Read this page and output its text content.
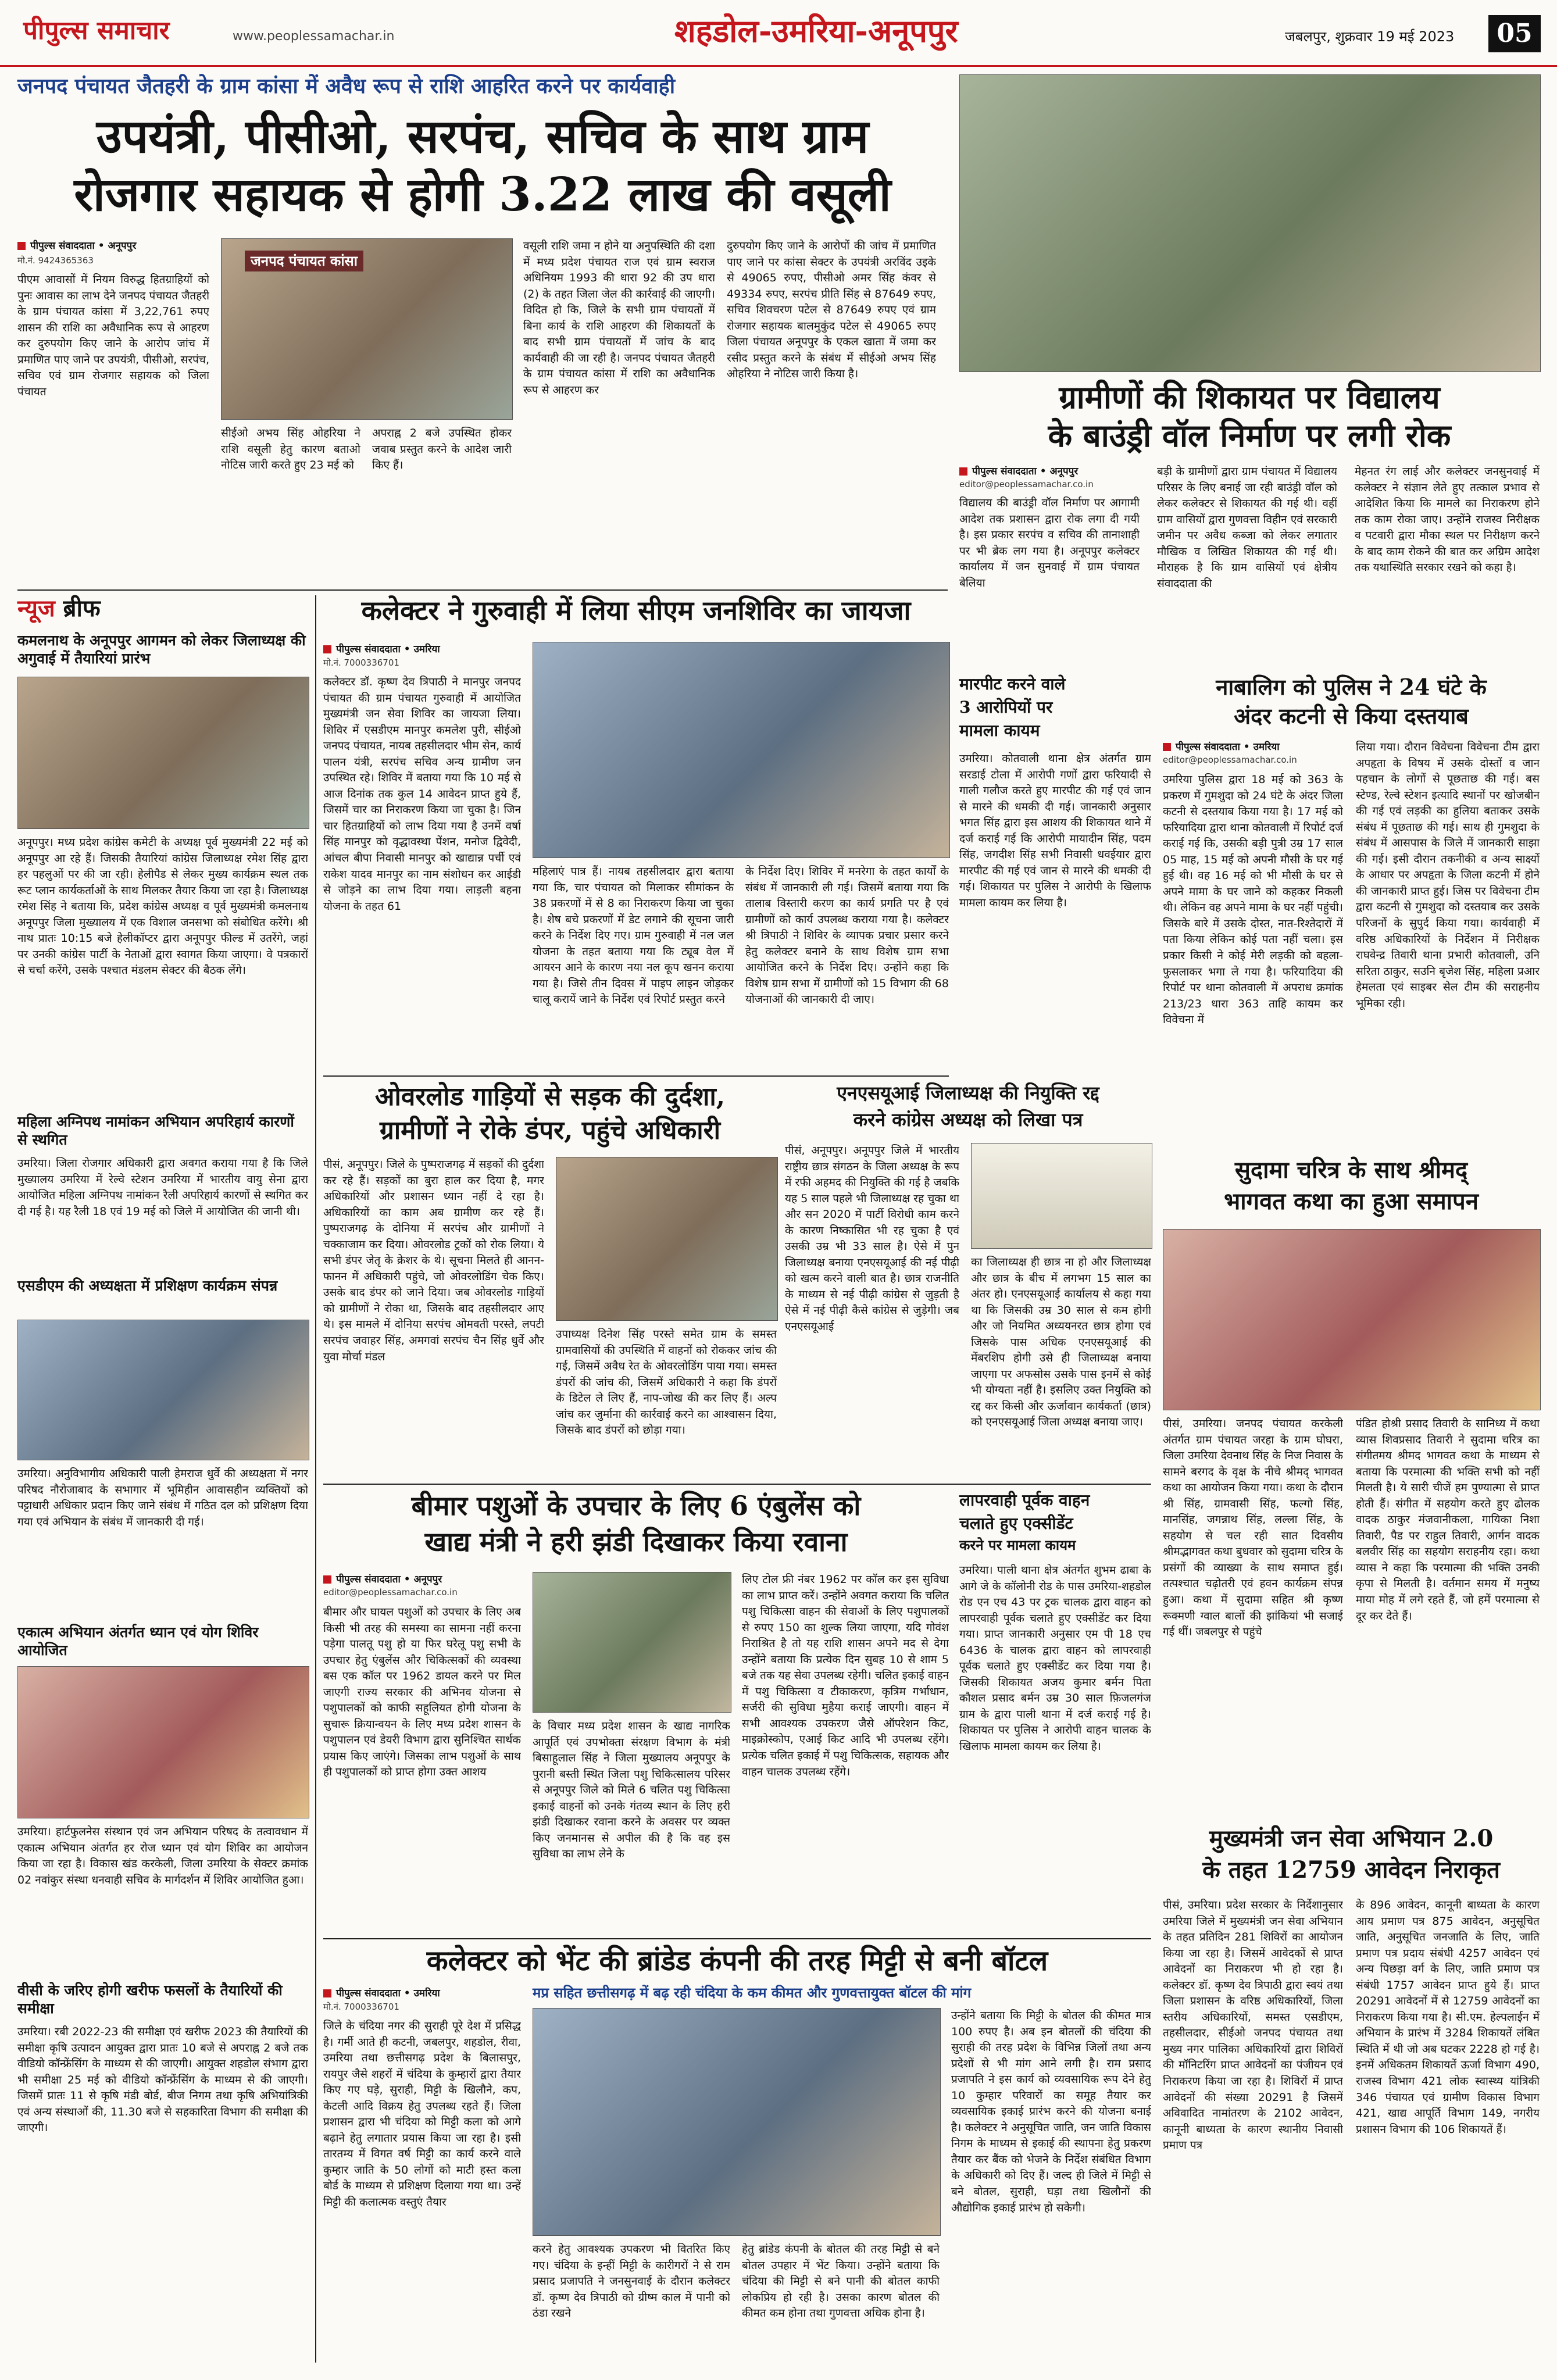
पीपुल्स समाचार	www.peoplessamachar.in	शहडोल-उमरिया-अनूपपुर	जबलपुर, शुक्रवार 19 मई 2023	05
जनपद पंचायत जैतहरी के ग्राम कांसा में अवैध रूप से राशि आहरित करने पर कार्यवाही
उपयंत्री, पीसीओ, सरपंच, सचिव के साथ ग्राम
रोजगार सहायक से होगी 3.22 लाख की वसूली
पीपुल्स संवाददाता • अनूपपुर
मो.नं. 9424365363
पीएम आवासों में नियम विरुद्ध हितग्राहियों को पुनः आवास का लाभ देने जनपद पंचायत जैतहरी के ग्राम पंचायत कांसा में 3,22,761 रुपए शासन की राशि का अवैधानिक रूप से आहरण कर दुरुपयोग किए जाने के आरोप जांच में प्रमाणित पाए जाने पर उपयंत्री, पीसीओ, सरपंच, सचिव एवं ग्राम रोजगार सहायक को जिला पंचायत
जनपद पंचायत कांसा
सीईओ अभय सिंह ओहरिया ने राशि वसूली हेतु कारण बताओ नोटिस जारी करते हुए 23 मई को
अपराह्न 2 बजे उपस्थित होकर जवाब प्रस्तुत करने के आदेश जारी किए हैं।
वसूली राशि जमा न होने या अनुपस्थिति की दशा में मध्य प्रदेश पंचायत राज एवं ग्राम स्वराज अधिनियम 1993 की धारा 92 की उप धारा (2) के तहत जिला जेल की कार्रवाई की जाएगी। विदित हो कि, जिले के सभी ग्राम पंचायतों में बिना कार्य के राशि आहरण की शिकायतों के बाद सभी ग्राम पंचायतों में जांच के बाद कार्यवाही की जा रही है। जनपद पंचायत जैतहरी के ग्राम पंचायत कांसा में राशि का अवैधानिक रूप से आहरण कर
दुरुपयोग किए जाने के आरोपों की जांच में प्रमाणित पाए जाने पर कांसा सेक्टर के उपयंत्री अरविंद उइके से 49065 रुपए, पीसीओ अमर सिंह कंवर से 49334 रुपए, सरपंच प्रीति सिंह से 87649 रुपए, सचिव शिवचरण पटेल से 87649 रुपए एवं ग्राम रोजगार सहायक बालमुकुंद पटेल से 49065 रुपए जिला पंचायत अनूपपुर के एकल खाता में जमा कर रसीद प्रस्तुत करने के संबंध में सीईओ अभय सिंह ओहरिया ने नोटिस जारी किया है।
ग्रामीणों की शिकायत पर विद्यालय
के बाउंड्री वॉल निर्माण पर लगी रोक
पीपुल्स संवाददाता • अनूपपुर
editor@peoplessamachar.co.in
विद्यालय की बाउंड्री वॉल निर्माण पर आगामी आदेश तक प्रशासन द्वारा रोक लगा दी गयी है। इस प्रकार सरपंच व सचिव की तानाशाही पर भी ब्रेक लग गया है। अनूपपुर कलेक्टर कार्यालय में जन सुनवाई में ग्राम पंचायत बेलिया
बड़ी के ग्रामीणों द्वारा ग्राम पंचायत में विद्यालय परिसर के लिए बनाई जा रही बाउंड्री वॉल को लेकर कलेक्टर से शिकायत की गई थी। वहीं ग्राम वासियों द्वारा गुणवत्ता विहीन एवं सरकारी जमीन पर अवैध कब्जा को लेकर लगातार मौखिक व लिखित शिकायत की गई थी। मौराहक है कि ग्राम वासियों एवं क्षेत्रीय संवाददाता की
मेहनत रंग लाई और कलेक्टर जनसुनवाई में कलेक्टर ने संज्ञान लेते हुए तत्काल प्रभाव से आदेशित किया कि मामले का निराकरण होने तक काम रोका जाए। उन्होंने राजस्व निरीक्षक व पटवारी द्वारा मौका स्थल पर निरीक्षण करने के बाद काम रोकने की बात कर अग्रिम आदेश तक यथास्थिति सरकार रखने को कहा है।
न्यूज ब्रीफ
कमलनाथ के अनूपपुर आगमन को लेकर जिलाध्यक्ष की अगुवाई में तैयारियां प्रारंभ
अनूपपुर। मध्य प्रदेश कांग्रेस कमेटी के अध्यक्ष पूर्व मुख्यमंत्री 22 मई को अनूपपुर आ रहे हैं। जिसकी तैयारियां कांग्रेस जिलाध्यक्ष रमेश सिंह द्वारा हर पहलुओं पर की जा रही। हेलीपैड से लेकर मुख्य कार्यक्रम स्थल तक रूट प्लान कार्यकर्ताओं के साथ मिलकर तैयार किया जा रहा है। जिलाध्यक्ष रमेश सिंह ने बताया कि, प्रदेश कांग्रेस अध्यक्ष व पूर्व मुख्यमंत्री कमलनाथ अनूपपुर जिला मुख्यालय में एक विशाल जनसभा को संबोधित करेंगे। श्री नाथ प्रातः 10:15 बजे हेलीकॉप्टर द्वारा अनूपपुर फील्ड में उतरेंगे, जहां पर उनकी कांग्रेस पार्टी के नेताओं द्वारा स्वागत किया जाएगा। वे पत्रकारों से चर्चा करेंगे, उसके पश्चात मंडलम सेक्टर की बैठक लेंगे।
महिला अग्निपथ नामांकन अभियान अपरिहार्य कारणों से स्थगित
उमरिया। जिला रोजगार अधिकारी द्वारा अवगत कराया गया है कि जिले मुख्यालय उमरिया में रेल्वे स्टेशन उमरिया में भारतीय वायु सेना द्वारा आयोजित महिला अग्निपथ नामांकन रैली अपरिहार्य कारणों से स्थगित कर दी गई है। यह रैली 18 एवं 19 मई को जिले में आयोजित की जानी थी।
एसडीएम की अध्यक्षता में प्रशिक्षण कार्यक्रम संपन्न
उमरिया। अनुविभागीय अधिकारी पाली हेमराज धुर्वे की अध्यक्षता में नगर परिषद नौरोजाबाद के सभागार में भूमिहीन आवासहीन व्यक्तियों को पट्टाधारी अधिकार प्रदान किए जाने संबंध में गठित दल को प्रशिक्षण दिया गया एवं अभियान के संबंध में जानकारी दी गई।
एकात्म अभियान अंतर्गत ध्यान एवं योग शिविर आयोजित
उमरिया। हार्टफुलनेस संस्थान एवं जन अभियान परिषद के तत्वावधान में एकात्म अभियान अंतर्गत हर रोज ध्यान एवं योग शिविर का आयोजन किया जा रहा है। विकास खंड करकेली, जिला उमरिया के सेक्टर क्रमांक 02 नवांकुर संस्था धनवाही सचिव के मार्गदर्शन में शिविर आयोजित हुआ।
वीसी के जरिए होगी खरीफ फसलों के तैयारियों की समीक्षा
उमरिया। रबी 2022-23 की समीक्षा एवं खरीफ 2023 की तैयारियों की समीक्षा कृषि उत्पादन आयुक्त द्वारा प्रातः 10 बजे से अपराह्न 2 बजे तक वीडियो कॉन्फ्रेंसिंग के माध्यम से की जाएगी। आयुक्त शहडोल संभाग द्वारा भी समीक्षा 25 मई को वीडियो कॉन्फ्रेंसिंग के माध्यम से की जाएगी। जिसमें प्रातः 11 से कृषि मंडी बोर्ड, बीज निगम तथा कृषि अभियांत्रिकी एवं अन्य संस्थाओं की, 11.30 बजे से सहकारिता विभाग की समीक्षा की जाएगी।
कलेक्टर ने गुरुवाही में लिया सीएम जनशिविर का जायजा
पीपुल्स संवाददाता • उमरिया
मो.नं. 7000336701
कलेक्टर डॉ. कृष्ण देव त्रिपाठी ने मानपुर जनपद पंचायत की ग्राम पंचायत गुरुवाही में आयोजित मुख्यमंत्री जन सेवा शिविर का जायजा लिया। शिविर में एसडीएम मानपुर कमलेश पुरी, सीईओ जनपद पंचायत, नायब तहसीलदार भीम सेन, कार्य पालन यंत्री, सरपंच सचिव अन्य ग्रामीण जन उपस्थित रहे। शिविर में बताया गया कि 10 मई से आज दिनांक तक कुल 14 आवेदन प्राप्त हुये हैं, जिसमें चार का निराकरण किया जा चुका है। जिन चार हितग्राहियों को लाभ दिया गया है उनमें वर्षा सिंह मानपुर को वृद्धावस्था पेंशन, मनोज द्विवेदी, आंचल बीपा निवासी मानपुर को खाद्यान्न पर्ची एवं राकेश यादव मानपुर का नाम संशोधन कर आईडी से जोड़ने का लाभ दिया गया। लाड़ली बहना योजना के तहत 61
महिलाएं पात्र हैं। नायब तहसीलदार द्वारा बताया गया कि, चार पंचायत को मिलाकर सीमांकन के 38 प्रकरणों में से 8 का निराकरण किया जा चुका है। शेष बचे प्रकरणों में डेट लगाने की सूचना जारी करने के निर्देश दिए गए। ग्राम गुरुवाही में नल जल योजना के तहत बताया गया कि ट्यूब वेल में आयरन आने के कारण नया नल कूप खनन कराया गया है। जिसे तीन दिवस में पाइप लाइन जोड़कर चालू करायें जाने के निर्देश एवं रिपोर्ट प्रस्तुत करने
के निर्देश दिए। शिविर में मनरेगा के तहत कार्यों के संबंध में जानकारी ली गई। जिसमें बताया गया कि तालाब विस्तारी करण का कार्य प्रगति पर है एवं ग्रामीणों को कार्य उपलब्ध कराया गया है। कलेक्टर श्री त्रिपाठी ने शिविर के व्यापक प्रचार प्रसार करने हेतु कलेक्टर बनाने के साथ विशेष ग्राम सभा आयोजित करने के निर्देश दिए। उन्होंने कहा कि विशेष ग्राम सभा में ग्रामीणों को 15 विभाग की 68 योजनाओं की जानकारी दी जाए।
मारपीट करने वाले
3 आरोपियों पर
मामला कायम
उमरिया। कोतवाली थाना क्षेत्र अंतर्गत ग्राम सरडाई टोला में आरोपी गणों द्वारा फरियादी से गाली गलौज करते हुए मारपीट की गई एवं जान से मारने की धमकी दी गई। जानकारी अनुसार भगत सिंह द्वारा इस आशय की शिकायत थाने में दर्ज कराई गई कि आरोपी मायादीन सिंह, पदम सिंह, जगदीश सिंह सभी निवासी धवईयार द्वारा मारपीट की गई एवं जान से मारने की धमकी दी गई। शिकायत पर पुलिस ने आरोपी के खिलाफ मामला कायम कर लिया है।
नाबालिग को पुलिस ने 24 घंटे के
अंदर कटनी से किया दस्तयाब
पीपुल्स संवाददाता • उमरिया
editor@peoplessamachar.co.in
उमरिया पुलिस द्वारा 18 मई को 363 के प्रकरण में गुमशुदा को 24 घंटे के अंदर जिला कटनी से दस्तयाब किया गया है। 17 मई को फरियादिया द्वारा थाना कोतवाली में रिपोर्ट दर्ज कराई गई कि, उसकी बड़ी पुत्री उम्र 17 साल 05 माह, 15 मई को अपनी मौसी के घर गई हुई थी। वह 16 मई को भी मौसी के घर से अपने मामा के घर जाने को कहकर निकली थी। लेकिन वह अपने मामा के घर नहीं पहुंची। जिसके बारे में उसके दोस्त, नात-रिश्तेदारों में पता किया लेकिन कोई पता नहीं चला। इस प्रकार किसी ने कोई मेरी लड़की को बहला-फुसलाकर भगा ले गया है। फरियादिया की रिपोर्ट पर थाना कोतवाली में अपराध क्रमांक 213/23 धारा 363 ताहि कायम कर विवेचना में
लिया गया। दौरान विवेचना विवेचना टीम द्वारा अपहृता के विषय में उसके दोस्तों व जान पहचान के लोगों से पूछताछ की गई। बस स्टेण्ड, रेल्वे स्टेशन इत्यादि स्थानों पर खोजबीन की गई एवं लड़की का हुलिया बताकर उसके संबंध में पूछताछ की गई। साथ ही गुमशुदा के संबंध में आसपास के जिले में जानकारी साझा की गई। इसी दौरान तकनीकी व अन्य साक्ष्यों के आधार पर अपहृता के जिला कटनी में होने की जानकारी प्राप्त हुई। जिस पर विवेचना टीम द्वारा कटनी से गुमशुदा को दस्तयाब कर उसके परिजनों के सुपुर्द किया गया। कार्यवाही में वरिष्ठ अधिकारियों के निर्देशन में निरीक्षक राघवेन्द्र तिवारी थाना प्रभारी कोतवाली, उनि सरिता ठाकुर, सउनि बृजेश सिंह, महिला प्रआर हेमलता एवं साइबर सेल टीम की सराहनीय भूमिका रही।
ओवरलोड गाड़ियों से सड़क की दुर्दशा,
ग्रामीणों ने रोके डंपर, पहुंचे अधिकारी
पीसं, अनूपपुर। जिले के पुष्पराजगढ़ में सड़कों की दुर्दशा कर रहे हैं। सड़कों का बुरा हाल कर दिया है, मगर अधिकारियों और प्रशासन ध्यान नहीं दे रहा है। अधिकारियों का काम अब ग्रामीण कर रहे हैं। पुष्पराजगढ़ के दोनिया में सरपंच और ग्रामीणों ने चक्काजाम कर दिया। ओवरलोड ट्रकों को रोक लिया। ये सभी डंपर जेतृ के क्रेशर के थे। सूचना मिलते ही आनन-फानन में अधिकारी पहुंचे, जो ओवरलोडिंग चेक किए। उसके बाद डंपर को जाने दिया। जब ओवरलोड गाड़ियों को ग्रामीणों ने रोका था, जिसके बाद तहसीलदार आए थे। इस मामले में दोनिया सरपंच ओमवती परस्ते, लपटी सरपंच जवाहर सिंह, अमगवां सरपंच चैन सिंह धुर्वे और युवा मोर्चा मंडल
उपाध्यक्ष दिनेश सिंह परस्ते समेत ग्राम के समस्त ग्रामवासियों की उपस्थिति में वाहनों को रोककर जांच की गई, जिसमें अवैध रेत के ओवरलोडिंग पाया गया। समस्त डंपरों की जांच की, जिसमें अधिकारी ने कहा कि डंपरों के डिटेल ले लिए हैं, नाप-जोख की कर लिए हैं। अल्प जांच कर जुर्माना की कार्रवाई करने का आश्वासन दिया, जिसके बाद डंपरों को छोड़ा गया।
एनएसयूआई जिलाध्यक्ष की नियुक्ति रद्द
करने कांग्रेस अध्यक्ष को लिखा पत्र
पीसं, अनूपपुर। अनूपपुर जिले में भारतीय राष्ट्रीय छात्र संगठन के जिला अध्यक्ष के रूप में रफी अहमद की नियुक्ति की गई है जबकि यह 5 साल पहले भी जिलाध्यक्ष रह चुका था और सन 2020 में पार्टी विरोधी काम करने के कारण निष्कासित भी रह चुका है एवं उसकी उम्र भी 33 साल है। ऐसे में पुन जिलाध्यक्ष बनाया एनएसयूआई की नई पीढ़ी को खत्म करने वाली बात है। छात्र राजनीति के माध्यम से नई पीढ़ी कांग्रेस से जुड़ती है ऐसे में नई पीढ़ी कैसे कांग्रेस से जुड़ेगी। जब एनएसयूआई
का जिलाध्यक्ष ही छात्र ना हो और जिलाध्यक्ष और छात्र के बीच में लगभग 15 साल का अंतर हो। एनएसयूआई कार्यालय से कहा गया था कि जिसकी उम्र 30 साल से कम होगी और जो नियमित अध्ययनरत छात्र होगा एवं जिसके पास अधिक एनएसयूआई की मेंबरशिप होगी उसे ही जिलाध्यक्ष बनाया जाएगा पर अफसोस उसके पास इनमें से कोई भी योग्यता नहीं है। इसलिए उक्त नियुक्ति को रद्द कर किसी और ऊर्जावान कार्यकर्ता (छात्र) को एनएसयूआई जिला अध्यक्ष बनाया जाए।
सुदामा चरित्र के साथ श्रीमद्
भागवत कथा का हुआ समापन
पीसं, उमरिया। जनपद पंचायत करकेली अंतर्गत ग्राम पंचायत जरहा के ग्राम घोघरा, जिला उमरिया देवनाथ सिंह के निज निवास के सामने बरगद के वृक्ष के नीचे श्रीमद् भागवत कथा का आयोजन किया गया। कथा के दौरान श्री सिंह, ग्रामवासी सिंह, फल्गो सिंह, मानसिंह, जगन्नाथ सिंह, लल्ला सिंह, के सहयोग से चल रही सात दिवसीय श्रीमद्भागवत कथा बुधवार को सुदामा चरित्र के प्रसंगों की व्याख्या के साथ समाप्त हुई। तत्पश्चात चढ़ोतरी एवं हवन कार्यक्रम संपन्न हुआ। कथा में सुदामा सहित श्री कृष्ण रूक्मणी ग्वाल बालों की झांकियां भी सजाई गई थीं। जबलपुर से पहुंचे
पंडित होश्री प्रसाद तिवारी के सानिध्य में कथा व्यास शिवप्रसाद तिवारी ने सुदामा चरित्र का संगीतमय श्रीमद भागवत कथा के माध्यम से बताया कि परमात्मा की भक्ति सभी को नहीं मिलती है। ये सारी चीजें हम पुण्यात्मा से प्राप्त होती हैं। संगीत में सहयोग करते हुए ढोलक वादक ठाकुर मंजवानीकला, गायिका निशा तिवारी, पैड पर राहुल तिवारी, आर्गन वादक बलवीर सिंह का सहयोग सराहनीय रहा। कथा व्यास ने कहा कि परमात्मा की भक्ति उनकी कृपा से मिलती है। वर्तमान समय में मनुष्य माया मोह में लगे रहते हैं, जो हमें परमात्मा से दूर कर देते हैं।
बीमार पशुओं के उपचार के लिए 6 एंबुलेंस को
खाद्य मंत्री ने हरी झंडी दिखाकर किया रवाना
पीपुल्स संवाददाता • अनूपपुर
editor@peoplessamachar.co.in
बीमार और घायल पशुओं को उपचार के लिए अब किसी भी तरह की समस्या का सामना नहीं करना पड़ेगा पालतू पशु हो या फिर घरेलू पशु सभी के उपचार हेतु एंबुलेंस और चिकित्सकों की व्यवस्था बस एक कॉल पर 1962 डायल करने पर मिल जाएगी राज्य सरकार की अभिनव योजना से पशुपालकों को काफी सहूलियत होगी योजना के सुचारू क्रियान्वयन के लिए मध्य प्रदेश शासन के पशुपालन एवं डेयरी विभाग द्वारा सुनिश्चित सार्थक प्रयास किए जाएंगे। जिसका लाभ पशुओं के साथ ही पशुपालकों को प्राप्त होगा उक्त आशय
के विचार मध्य प्रदेश शासन के खाद्य नागरिक आपूर्ति एवं उपभोक्ता संरक्षण विभाग के मंत्री बिसाहूलाल सिंह ने जिला मुख्यालय अनूपपुर के पुरानी बस्ती स्थित जिला पशु चिकित्सालय परिसर से अनूपपुर जिले को मिले 6 चलित पशु चिकित्सा इकाई वाहनों को उनके गंतव्य स्थान के लिए हरी झंडी दिखाकर रवाना करने के अवसर पर व्यक्त किए जनमानस से अपील की है कि वह इस सुविधा का लाभ लेने के
लिए टोल फ्री नंबर 1962 पर कॉल कर इस सुविधा का लाभ प्राप्त करें। उन्होंने अवगत कराया कि चलित पशु चिकित्सा वाहन की सेवाओं के लिए पशुपालकों से रुपए 150 का शुल्क लिया जाएगा, यदि गोवंश निराश्रित है तो यह राशि शासन अपने मद से देगा उन्होंने बताया कि प्रत्येक दिन सुबह 10 से शाम 5 बजे तक यह सेवा उपलब्ध रहेगी। चलित इकाई वाहन में पशु चिकित्सा व टीकाकरण, कृत्रिम गर्भाधान, सर्जरी की सुविधा मुहैया कराई जाएगी। वाहन में सभी आवश्यक उपकरण जैसे ऑपरेशन किट, माइक्रोस्कोप, एआई किट आदि भी उपलब्ध रहेंगे। प्रत्येक चलित इकाई में पशु चिकित्सक, सहायक और वाहन चालक उपलब्ध रहेंगे।
लापरवाही पूर्वक वाहन
चलाते हुए एक्सीडेंट
करने पर मामला कायम
उमरिया। पाली थाना क्षेत्र अंतर्गत शुभम ढाबा के आगे जे के कॉलोनी रोड के पास उमरिया-शहडोल रोड एन एच 43 पर ट्रक चालक द्वारा वाहन को लापरवाही पूर्वक चलाते हुए एक्सीडेंट कर दिया गया। प्राप्त जानकारी अनुसार एम पी 18 एच 6436 के चालक द्वारा वाहन को लापरवाही पूर्वक चलाते हुए एक्सीडेंट कर दिया गया है। जिसकी शिकायत अजय कुमार बर्मन पिता कौशल प्रसाद बर्मन उम्र 30 साल फ़िजलगंज ग्राम के द्वारा पाली थाना में दर्ज कराई गई है। शिकायत पर पुलिस ने आरोपी वाहन चालक के खिलाफ मामला कायम कर लिया है।
मुख्यमंत्री जन सेवा अभियान 2.0
के तहत 12759 आवेदन निराकृत
पीसं, उमरिया। प्रदेश सरकार के निर्देशानुसार उमरिया जिले में मुख्यमंत्री जन सेवा अभियान के तहत प्रतिदिन 281 शिविरों का आयोजन किया जा रहा है। जिसमें आवेदकों से प्राप्त आवेदनों का निराकरण भी हो रहा है। कलेक्टर डॉ. कृष्ण देव त्रिपाठी द्वारा स्वयं तथा जिला प्रशासन के वरिष्ठ अधिकारियों, जिला स्तरीय अधिकारियों, समस्त एसडीएम, तहसीलदार, सीईओ जनपद पंचायत तथा मुख्य नगर पालिका अधिकारियों द्वारा शिविरों की मॉनिटरिंग प्राप्त आवेदनों का पंजीयन एवं निराकरण किया जा रहा है। शिविरों में प्राप्त आवेदनों की संख्या 20291 है जिसमें अविवादित नामांतरण के 2102 आवेदन, कानूनी बाध्यता के कारण स्थानीय निवासी प्रमाण पत्र
के 896 आवेदन, कानूनी बाध्यता के कारण आय प्रमाण पत्र 875 आवेदन, अनुसूचित जाति, अनुसूचित जनजाति के लिए, जाति प्रमाण पत्र प्रदाय संबंधी 4257 आवेदन एवं अन्य पिछड़ा वर्ग के लिए, जाति प्रमाण पत्र संबंधी 1757 आवेदन प्राप्त हुये हैं। प्राप्त 20291 आवेदनों में से 12759 आवेदनों का निराकरण किया गया है। सी.एम. हेल्पलाईन में अभियान के प्रारंभ में 3284 शिकायतें लंबित स्थिति में थी जो अब घटकर 2228 हो गई है। इनमें अधिकतम शिकायतें ऊर्जा विभाग 490, राजस्व विभाग 421 लोक स्वास्थ्य यांत्रिकी 346 पंचायत एवं ग्रामीण विकास विभाग 421, खाद्य आपूर्ति विभाग 149, नगरीय प्रशासन विभाग की 106 शिकायतें हैं।
कलेक्टर को भेंट की ब्रांडेड कंपनी की तरह मिट्टी से बनी बॉटल
मप्र सहित छत्तीसगढ़ में बढ़ रही चंदिया के कम कीमत और गुणवत्तायुक्त बॉटल की मांग
पीपुल्स संवाददाता • उमरिया
मो.नं. 7000336701
जिले के चंदिया नगर की सुराही पूरे देश में प्रसिद्ध है। गर्मी आते ही कटनी, जबलपुर, शहडोल, रीवा, उमरिया तथा छत्तीसगढ़ प्रदेश के बिलासपुर, रायपुर जैसे शहरों में चंदिया के कुम्हारों द्वारा तैयार किए गए घड़े, सुराही, मिट्टी के खिलौने, कप, केटली आदि विक्रय हेतु उपलब्ध रहते हैं। जिला प्रशासन द्वारा भी चंदिया को मिट्टी कला को आगे बढ़ाने हेतु लगातार प्रयास किया जा रहा है। इसी तारतम्य में विगत वर्ष मिट्टी का कार्य करने वाले कुम्हार जाति के 50 लोगों को माटी हस्त कला बोर्ड के माध्यम से प्रशिक्षण दिलाया गया था। उन्हें मिट्टी की कलात्मक वस्तुएं तैयार
करने हेतु आवश्यक उपकरण भी वितरित किए गए। चंदिया के इन्हीं मिट्टी के कारीगरों ने से राम प्रसाद प्रजापति ने जनसुनवाई के दौरान कलेक्टर डॉ. कृष्ण देव त्रिपाठी को ग्रीष्म काल में पानी को ठंडा रखने
हेतु ब्रांडेड कंपनी के बोतल की तरह मिट्टी से बने बोतल उपहार में भेंट किया। उन्होंने बताया कि चंदिया की मिट्टी से बने पानी की बोतल काफी लोकप्रिय हो रही है। उसका कारण बोतल की कीमत कम होना तथा गुणवत्ता अधिक होना है।
उन्होंने बताया कि मिट्टी के बोतल की कीमत मात्र 100 रुपए है। अब इन बोतलों की चंदिया की सुराही की तरह प्रदेश के विभिन्न जिलों तथा अन्य प्रदेशों से भी मांग आने लगी है। राम प्रसाद प्रजापति ने इस कार्य को व्यवसायिक रूप देने हेतु 10 कुम्हार परिवारों का समूह तैयार कर व्यवसायिक इकाई प्रारंभ करने की योजना बनाई है। कलेक्टर ने अनुसूचित जाति, जन जाति विकास निगम के माध्यम से इकाई की स्थापना हेतु प्रकरण तैयार कर बैंक को भेजने के निर्देश संबंधित विभाग के अधिकारी को दिए हैं। जल्द ही जिले में मिट्टी से बने बोतल, सुराही, घड़ा तथा खिलौनों की औद्योगिक इकाई प्रारंभ हो सकेगी।
